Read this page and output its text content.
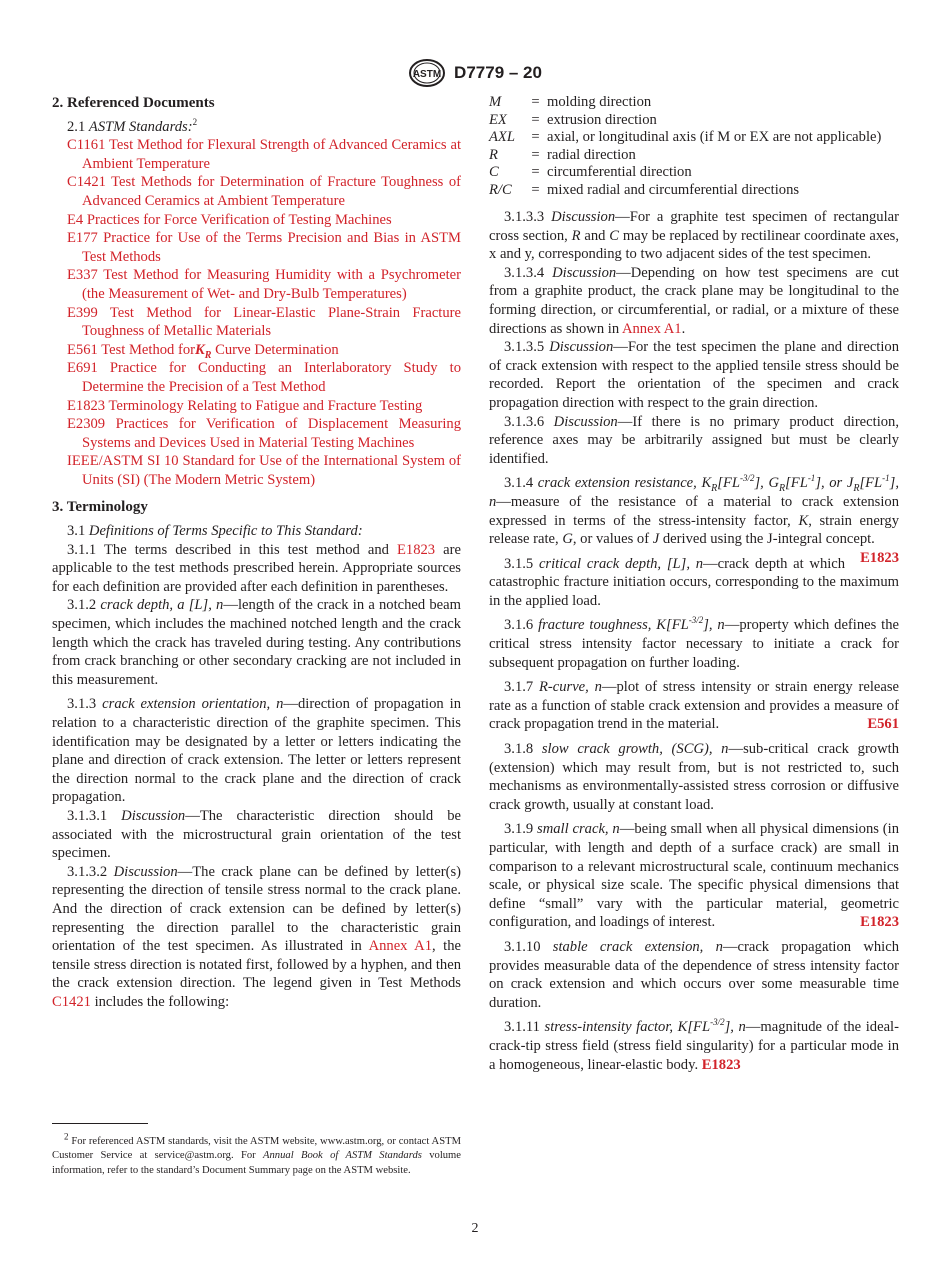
ASTM D7779 – 20

2. Referenced Documents

2.1 ASTM Standards:$^2$

C1161 Test Method for Flexural Strength of Advanced Ceramics at Ambient Temperature

C1421 Test Methods for Determination of Fracture Toughness of Advanced Ceramics at Ambient Temperature

E4 Practices for Force Verification of Testing Machines

E177 Practice for Use of the Terms Precision and Bias in ASTM Test Methods

E337 Test Method for Measuring Humidity with a Psychrometer (the Measurement of Wet- and Dry-Bulb Temperatures)

E399 Test Method for Linear-Elastic Plane-Strain Fracture Toughness of Metallic Materials

E561 Test Method forK$_R$ Curve Determination

E691 Practice for Conducting an Interlaboratory Study to Determine the Precision of a Test Method

E1823 Terminology Relating to Fatigue and Fracture Testing

E2309 Practices for Verification of Displacement Measuring Systems and Devices Used in Material Testing Machines

IEEE/ASTM SI 10 Standard for Use of the International System of Units (SI) (The Modern Metric System)

3. Terminology

3.1 Definitions of Terms Specific to This Standard:

3.1.1 The terms described in this test method and E1823 are applicable to the test methods prescribed herein. Appropriate sources for each definition are provided after each definition in parentheses.

3.1.2 crack depth, a [L], n—length of the crack in a notched beam specimen, which includes the machined notched length and the crack length which the crack has traveled during testing. Any contributions from crack branching or other secondary cracking are not included in this measurement.

3.1.3 crack extension orientation, n—direction of propagation in relation to a characteristic direction of the graphite specimen. This identification may be designated by a letter or letters indicating the plane and direction of crack extension. The letter or letters represent the direction normal to the crack plane and the direction of crack propagation.

3.1.3.1 Discussion—The characteristic direction should be associated with the microstructural grain orientation of the test specimen.

3.1.3.2 Discussion—The crack plane can be defined by letter(s) representing the direction of tensile stress normal to the crack plane. And the direction of crack extension can be defined by letter(s) representing the direction parallel to the characteristic grain orientation of the test specimen. As illustrated in Annex A1, the tensile stress direction is notated first, followed by a hyphen, and then the crack extension direction. The legend given in Test Methods C1421 includes the following:

M	=	molding direction
EX	=	extrusion direction
AXL	=	axial, or longitudinal axis (if M or EX are not applicable)
R	=	radial direction
C	=	circumferential direction
R/C	=	mixed radial and circumferential directions

3.1.3.3 Discussion—For a graphite test specimen of rectangular cross section, R and C may be replaced by rectilinear coordinate axes, x and y, corresponding to two adjacent sides of the test specimen.

3.1.3.4 Discussion—Depending on how test specimens are cut from a graphite product, the crack plane may be longitudinal to the forming direction, or circumferential, or radial, or a mixture of these directions as shown in Annex A1.

3.1.3.5 Discussion—For the test specimen the plane and direction of crack extension with respect to the applied tensile stress should be recorded. Report the orientation of the specimen and crack propagation direction with respect to the grain direction.

3.1.3.6 Discussion—If there is no primary product direction, reference axes may be arbitrarily assigned but must be clearly identified.

3.1.4 crack extension resistance, $K_R[FL^{-3/2}]$, $G_R[FL^{-1}]$, or $J_R[FL^{-1}]$, n—measure of the resistance of a material to crack extension expressed in terms of the stress-intensity factor, K, strain energy release rate, G, or values of J derived using the J-integral concept.
E1823

3.1.5 critical crack depth, [L], n—crack depth at which catastrophic fracture initiation occurs, corresponding to the maximum in the applied load.

3.1.6 fracture toughness, $K[FL^{-3/2}]$, n—property which defines the critical stress intensity factor necessary to initiate a crack for subsequent propagation on further loading.

3.1.7 R-curve, n—plot of stress intensity or strain energy release rate as a function of stable crack extension and provides a measure of crack propagation trend in the material.	E561

3.1.8 slow crack growth, (SCG), n—sub-critical crack growth (extension) which may result from, but is not restricted to, such mechanisms as environmentally-assisted stress corrosion or diffusive crack growth, usually at constant load.

3.1.9 small crack, n—being small when all physical dimensions (in particular, with length and depth of a surface crack) are small in comparison to a relevant microstructural scale, continuum mechanics scale, or physical size scale. The specific physical dimensions that define “small” vary with the particular material, geometric configuration, and loadings of interest.	E1823

3.1.10 stable crack extension, n—crack propagation which provides measurable data of the dependence of stress intensity factor on crack extension and which occurs over some measurable time duration.

3.1.11 stress-intensity factor, $K[FL^{-3/2}]$, n—magnitude of the ideal-crack-tip stress field (stress field singularity) for a particular mode in a homogeneous, linear-elastic body. E1823

$^2$ For referenced ASTM standards, visit the ASTM website, www.astm.org, or contact ASTM Customer Service at service@astm.org. For Annual Book of ASTM Standards volume information, refer to the standard’s Document Summary page on the ASTM website.

2
